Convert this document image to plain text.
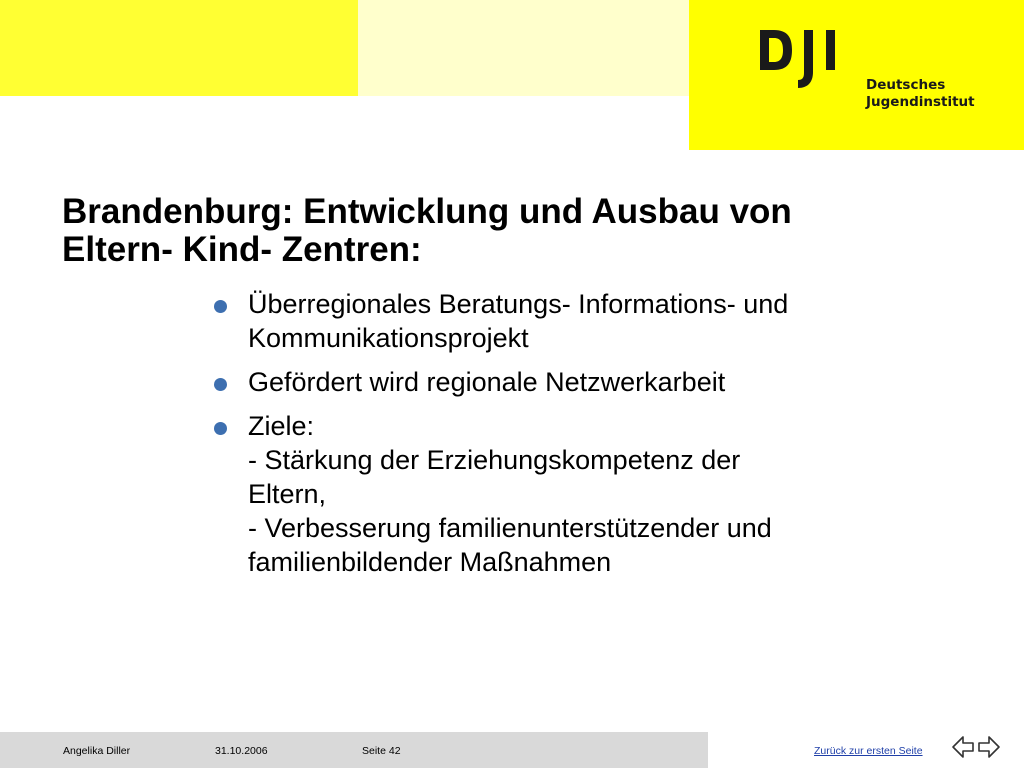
Deutsches
Jugendinstitut
Brandenburg: Entwicklung und Ausbau von
Eltern- Kind- Zentren:
Überregionales Beratungs- Informations- und
Kommunikationsprojekt
Gefördert wird regionale Netzwerkarbeit
Ziele:
- Stärkung der Erziehungskompetenz der
Eltern,
- Verbesserung familienunterstützender und
familienbildender Maßnahmen
Angelika Diller	31.10.2006	Seite 42	Zurück zur ersten Seite
